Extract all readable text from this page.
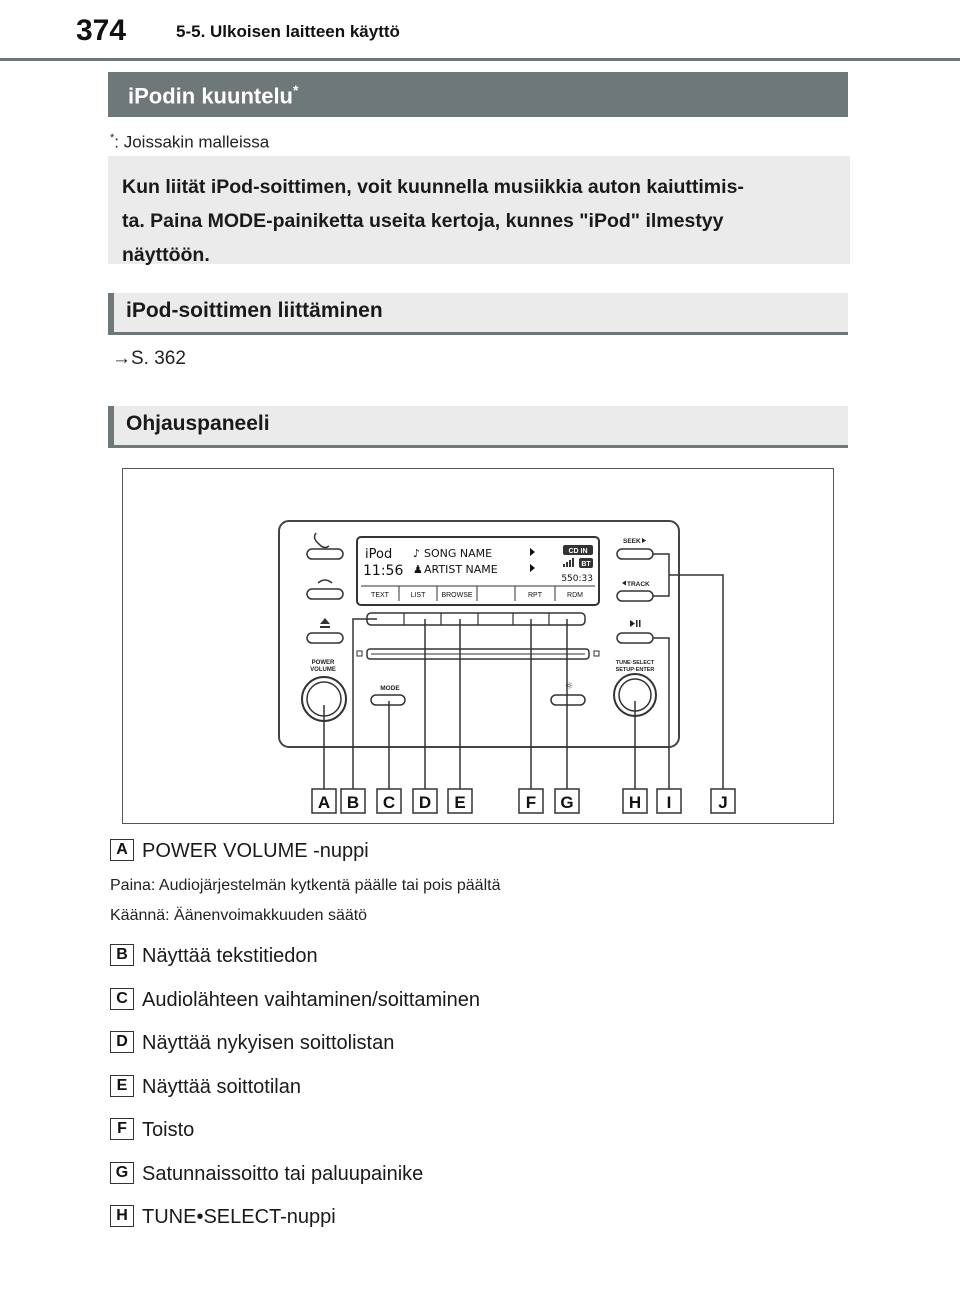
374	5-5. Ulkoisen laitteen käyttö
iPodin kuuntelu*
*: Joissakin malleissa
Kun liität iPod-soittimen, voit kuunnella musiikkia auton kaiuttimis-
ta. Paina MODE-painiketta useita kertoja, kunnes "iPod" ilmestyy
näyttöön.
iPod-soittimen liittäminen
→S. 362
Ohjauspaneeli
POWER
VOLUME
iPod
11:56
♪ SONG NAME
♟ ARTIST NAME
CD IN
BT
550:33
TEXT	LIST BROWSE	RPT	RDM
MODE	☼
SEEK
TRACK
TUNE·SELECT
SETUP·ENTER
A B C D E	F G	H I	J
A POWER VOLUME -nuppi
Paina: Audiojärjestelmän kytkentä päälle tai pois päältä
Käännä: Äänenvoimakkuuden säätö
B Näyttää tekstitiedon
C Audiolähteen vaihtaminen/soittaminen
D Näyttää nykyisen soittolistan
E Näyttää soittotilan
F Toisto
G Satunnaissoitto tai paluupainike
H TUNE•SELECT-nuppi
